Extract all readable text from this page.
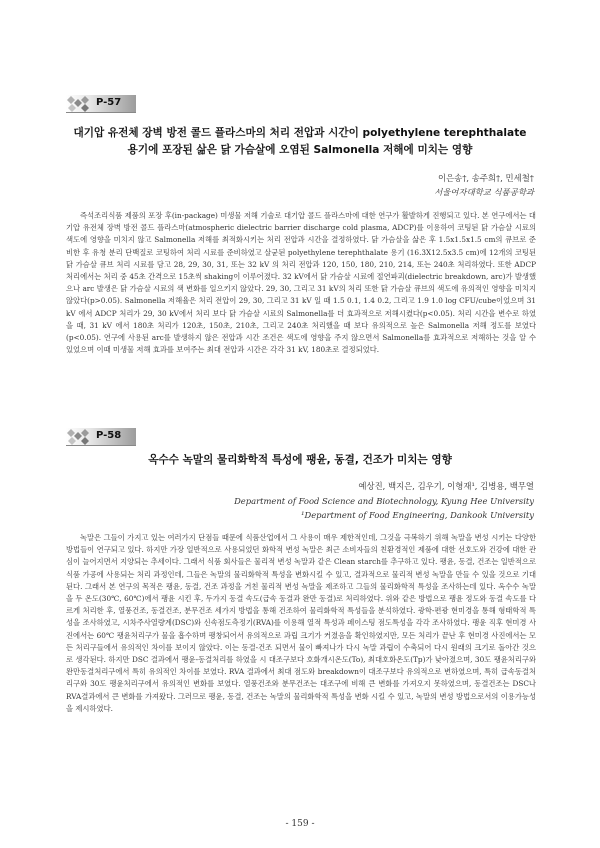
P-57
대기압 유전체 장벽 방전 콜드 플라스마의 처리 전압과 시간이 polyethylene terephthalate
용기에 포장된 삶은 닭 가슴살에 오염된 Salmonella 저해에 미치는 영향
이은송†, 송주희†, 민세철†
서울여자대학교 식품공학과

즉석조리식품 제품의 포장 후(in-package) 미생물 저해 기술로 대기압 콜드 플라스마에 대한 연구가 활발하게 진행되고 있다. 본 연구에서는 대기압 유전체 장벽 방전 콜드 플라스마(atmospheric dielectric barrier discharge cold plasma, ADCP)를 이용하여 코팅된 닭 가슴살 시료의 색도에 영향을 미치지 않고 Salmonella 저해를 최적화시키는 처리 전압과 시간을 결정하였다. 닭 가슴살을 삶은 후 1.5x1.5x1.5 cm의 큐브로 준비한 후 유청 분리 단백질로 코팅하여 처리 시료를 준비하였고 살균된 polyethylene terephthalate 용기 (16.3X12.5x3.5 cm)에 12개의 코팅된 닭 가슴살 큐브 처리 시료를 담고 28, 29, 30, 31, 또는 32 kV 의 처리 전압과 120, 150, 180, 210, 214, 또는 240초 처리하였다. 또한 ADCP 처리에서는 처리 중 45초 간격으로 15초씩 shaking이 이루어졌다. 32 kV에서 닭 가슴살 시료에 절연파괴(dielectric breakdown, arc)가 발생했으나 arc 발생은 닭 가슴살 시료의 색 변화를 일으키지 않았다. 29, 30, 그리고 31 kV의 처리 또한 닭 가슴살 큐브의 색도에 유의적인 영향을 미치지 않았다(p>0.05). Salmonella 저해율은 처리 전압이 29, 30, 그리고 31 kV 일 때 1.5 0.1, 1.4 0.2, 그리고 1.9 1.0 log CFU/cube이었으며 31 kV 에서 ADCP 처리가 29, 30 kV에서 처리 보다 닭 가슴살 시료의 Salmonella를 더 효과적으로 저해시켰다(p<0.05). 처리 시간을 변수로 하였을 때, 31 kV 에서 180초 처리가 120초, 150초, 210초, 그리고 240초 처리했을 때 보다 유의적으로 높은 Salmonella 저해 정도를 보였다(p<0.05). 연구에 사용된 arc를 발생하지 않은 전압과 시간 조건은 색도에 영향을 주지 않으면서 Salmonella를 효과적으로 저해하는 것을 알 수 있었으며 이때 미생물 저해 효과를 보여주는 최대 전압과 시간은 각각 31 kV, 180초로 결정되었다.

P-58
옥수수 녹말의 물리화학적 특성에 팽윤, 동결, 건조가 미치는 영향
예상진, 백지은, 김우기, 이형재¹, 김병용, 백무열
Department of Food Science and Biotechnology, Kyung Hee University
¹Department of Food Engineering, Dankook University

녹말은 그들이 가지고 있는 여러가지 단점들 때문에 식품산업에서 그 사용이 매우 제한적인데, 그것을 극복하기 위해 녹말을 변성 시키는 다양한 방법들이 연구되고 있다. 하지만 가장 일반적으로 사용되었던 화학적 변성 녹말은 최근 소비자들의 친환경적인 제품에 대한 선호도와 건강에 대한 관심이 늘어지면서 지양되는 추세이다. 그래서 식품 회사들은 물리적 변성 녹말과 같은 Clean starch를 추구하고 있다. 팽윤, 동결, 건조는 일반적으로 식품 가공에 사용되는 처리 과정인데, 그들은 녹말의 물리화학적 특성을 변화시킬 수 있고, 결과적으로 물리적 변성 녹말을 만들 수 있을 것으로 기대된다. 그래서 본 연구의 목적은 팽윤, 동결, 건조 과정을 거친 물리적 변성 녹말을 제조하고 그들의 물리화학적 특성을 조사하는데 있다. 옥수수 녹말을 두 온도(30℃, 60℃)에서 팽윤 시킨 후, 두가지 동결 속도(급속 동결과 완만 동결)로 처리하였다. 위와 같은 방법으로 팽윤 정도와 동결 속도를 다르게 처리한 후, 열풍건조, 동결건조, 분무건조 세가지 방법을 통해 건조하여 물리화학적 특성들을 분석하였다. 광학-편광 현미경을 통해 형태학적 특성을 조사하였고, 시차주사열량계(DSC)와 신속점도측정기(RVA)를 이용해 열적 특성과 페이스팅 점도특성을 각각 조사하였다. 팽윤 직후 현미경 사진에서는 60℃ 팽윤처리구가 물을 흡수하며 팽창되어서 유의적으로 과립 크기가 커졌음을 확인하였지만, 모든 처리가 끝난 후 현미경 사진에서는 모든 처리구들에서 유의적인 차이를 보이지 않았다. 이는 동결-건조 되면서 물이 빠져나가 다시 녹말 과립이 수축되어 다시 원래의 크기로 돌아간 것으로 생각된다. 하지만 DSC 결과에서 팽윤-동결처리를 하였을 시 대조구보다 호화개시온도(To), 최대호화온도(Tp)가 낮아졌으며, 30도 팽윤처리구와 완만동결처리구에서 특히 유의적인 차이를 보였다. RVA 결과에서 최대 점도와 breakdown이 대조구보다 유의적으로 변하였으며, 특히 급속동결처리구와 30도 팽윤처리구에서 유의적인 변화를 보였다. 열풍건조와 분무건조는 대조구에 비해 큰 변화를 가져오지 못하였으며, 동결건조는 DSC나 RVA결과에서 큰 변화를 가져왔다. 그러므로 팽윤, 동결, 건조는 녹말의 물리화학적 특성을 변화 시킬 수 있고, 녹말의 변성 방법으로서의 이용가능성을 제시하였다.

- 159 -
